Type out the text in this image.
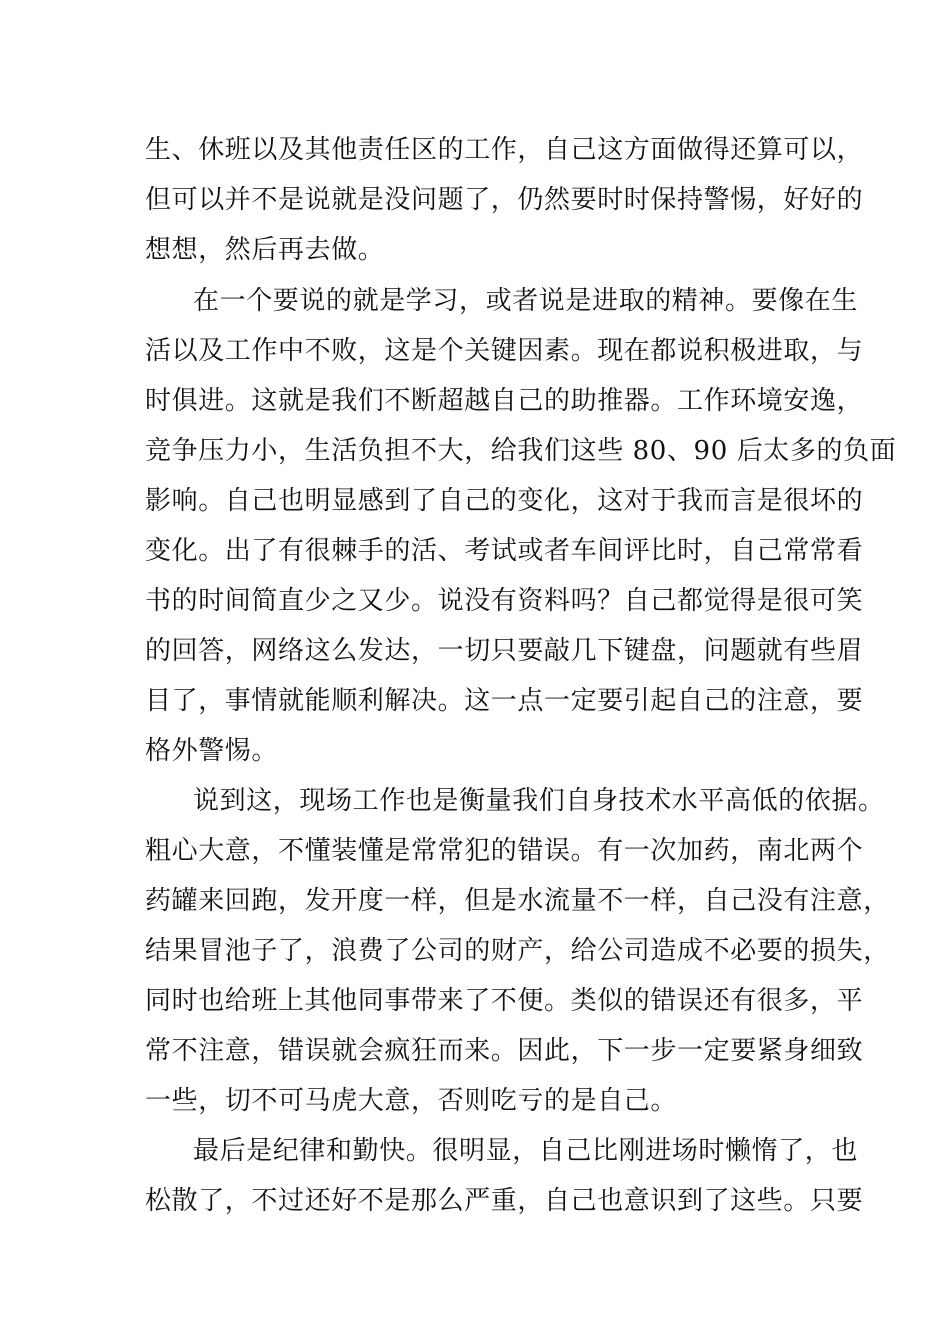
生、休班以及其他责任区的工作，自己这方面做得还算可以，
但可以并不是说就是没问题了，仍然要时时保持警惕，好好的
想想，然后再去做。
在一个要说的就是学习，或者说是进取的精神。要像在生
活以及工作中不败，这是个关键因素。现在都说积极进取，与
时俱进。这就是我们不断超越自己的助推器。工作环境安逸，
竞争压力小，生活负担不大，给我们这些 80、90 后太多的负面
影响。自己也明显感到了自己的变化，这对于我而言是很坏的
变化。出了有很棘手的活、考试或者车间评比时，自己常常看
书的时间简直少之又少。说没有资料吗？自己都觉得是很可笑
的回答，网络这么发达，一切只要敲几下键盘，问题就有些眉
目了，事情就能顺利解决。这一点一定要引起自己的注意，要
格外警惕。
说到这，现场工作也是衡量我们自身技术水平高低的依据。
粗心大意，不懂装懂是常常犯的错误。有一次加药，南北两个
药罐来回跑，发开度一样，但是水流量不一样，自己没有注意，
结果冒池子了，浪费了公司的财产，给公司造成不必要的损失，
同时也给班上其他同事带来了不便。类似的错误还有很多，平
常不注意，错误就会疯狂而来。因此，下一步一定要紧身细致
一些，切不可马虎大意，否则吃亏的是自己。
最后是纪律和勤快。很明显，自己比刚进场时懒惰了，也
松散了，不过还好不是那么严重，自己也意识到了这些。只要
